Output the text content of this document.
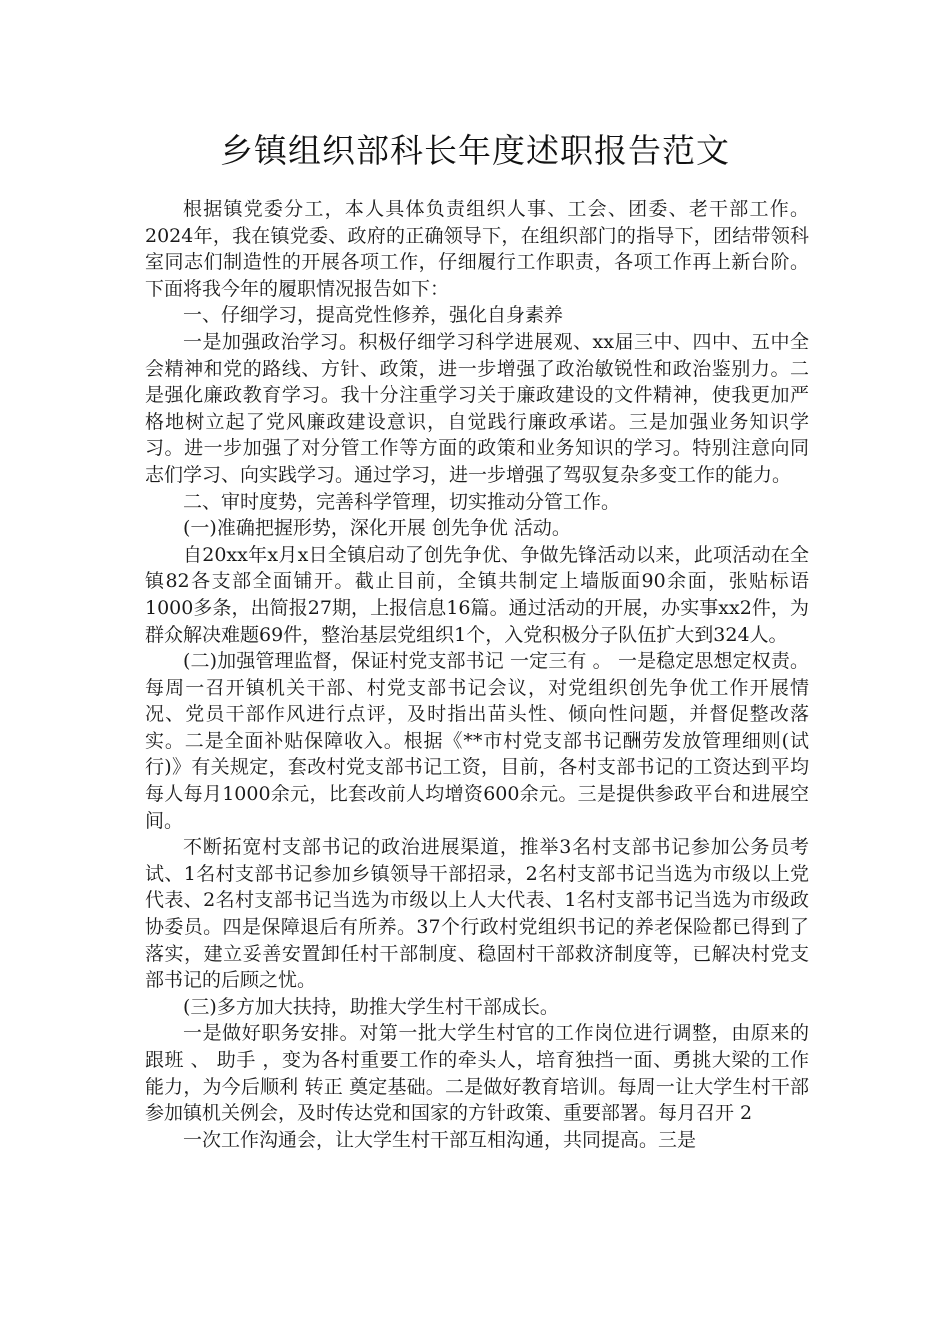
乡镇组织部科长年度述职报告范文

根据镇党委分工，本人具体负责组织人事、工会、团委、老干部工作。2024年，我在镇党委、政府的正确领导下，在组织部门的指导下，团结带领科室同志们制造性的开展各项工作，仔细履行工作职责，各项工作再上新台阶。下面将我今年的履职情况报告如下：

一、仔细学习，提高党性修养，强化自身素养

一是加强政治学习。积极仔细学习科学进展观、xx届三中、四中、五中全会精神和党的路线、方针、政策，进一步增强了政治敏锐性和政治鉴别力。二是强化廉政教育学习。我十分注重学习关于廉政建设的文件精神，使我更加严格地树立起了党风廉政建设意识，自觉践行廉政承诺。三是加强业务知识学习。进一步加强了对分管工作等方面的政策和业务知识的学习。特别注意向同志们学习、向实践学习。通过学习，进一步增强了驾驭复杂多变工作的能力。

二、审时度势，完善科学管理，切实推动分管工作。

(一)准确把握形势，深化开展 创先争优 活动。

自20xx年x月x日全镇启动了创先争优、争做先锋活动以来，此项活动在全镇82各支部全面铺开。截止目前，全镇共制定上墙版面90余面，张贴标语 1000多条，出简报27期，上报信息16篇。通过活动的开展，办实事xx2件，为群众解决难题69件，整治基层党组织1个，入党积极分子队伍扩大到324人。

(二)加强管理监督，保证村党支部书记 一定三有 。 一是稳定思想定权责。每周一召开镇机关干部、村党支部书记会议，对党组织创先争优工作开展情况、党员干部作风进行点评，及时指出苗头性、倾向性问题，并督促整改落实。二是全面补贴保障收入。根据《**市村党支部书记酬劳发放管理细则(试行)》有关规定，套改村党支部书记工资，目前，各村支部书记的工资达到平均每人每月1000余元，比套改前人均增资600余元。三是提供参政平台和进展空间。

不断拓宽村支部书记的政治进展渠道，推举3名村支部书记参加公务员考试、1名村支部书记参加乡镇领导干部招录，2名村支部书记当选为市级以上党代表、2名村支部书记当选为市级以上人大代表、1名村支部书记当选为市级政协委员。四是保障退后有所养。37个行政村党组织书记的养老保险都已得到了落实，建立妥善安置卸任村干部制度、稳固村干部救济制度等，已解决村党支部书记的后顾之忧。

(三)多方加大扶持，助推大学生村干部成长。

一是做好职务安排。对第一批大学生村官的工作岗位进行调整，由原来的 跟班 、 助手 ，变为各村重要工作的牵头人，培育独挡一面、勇挑大梁的工作能力，为今后顺利 转正 奠定基础。二是做好教育培训。每周一让大学生村干部参加镇机关例会，及时传达党和国家的方针政策、重要部署。每月召开 2

一次工作沟通会，让大学生村干部互相沟通，共同提高。三是
